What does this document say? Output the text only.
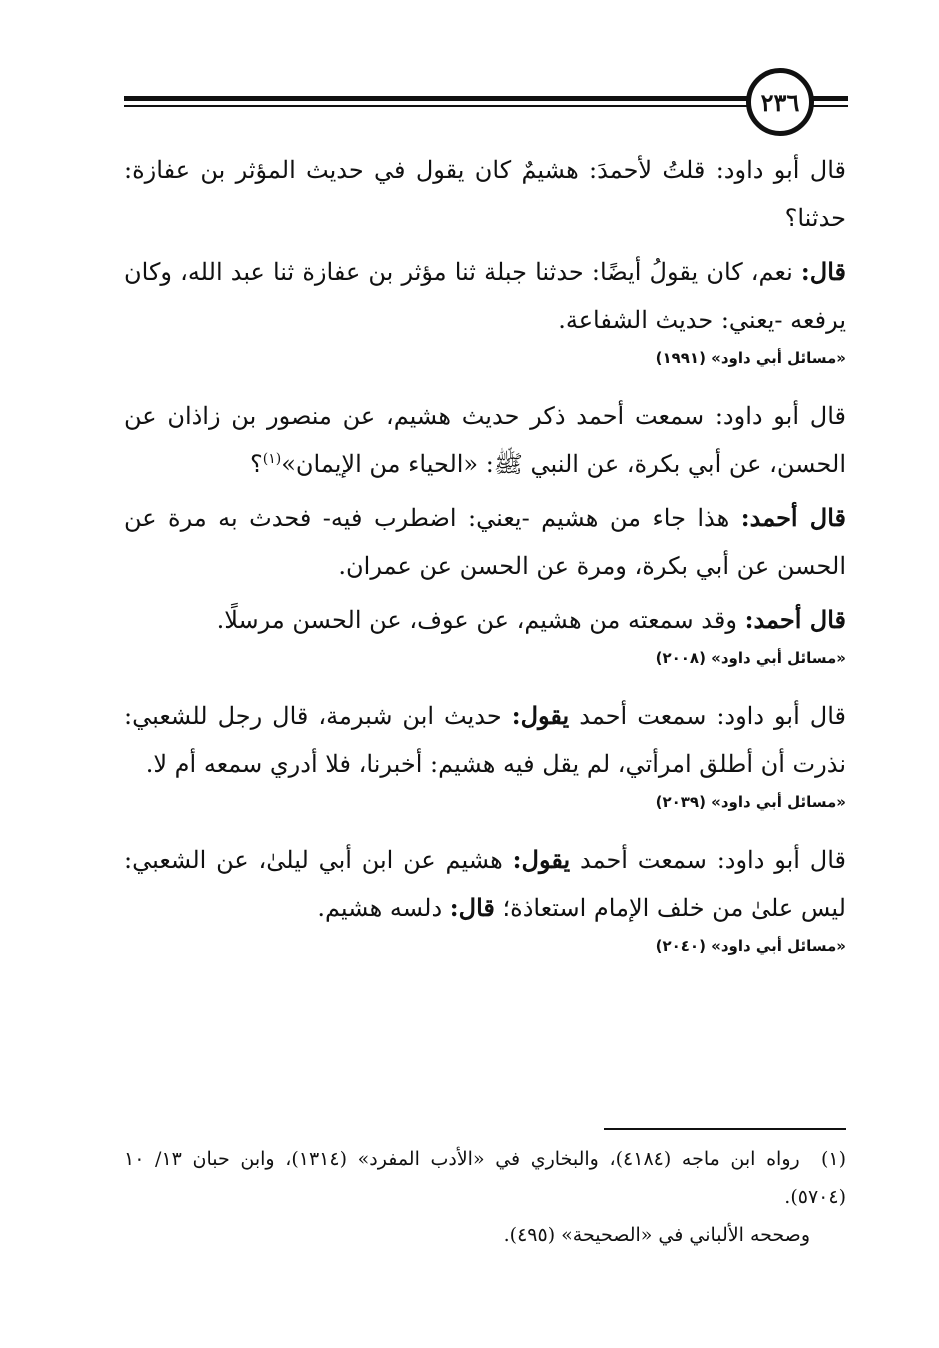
٢٣٦

قال أبو داود: قلتُ لأحمدَ: هشيمٌ كان يقول في حديث المؤثر بن عفازة: حدثنا؟

قال: نعم، كان يقولُ أيضًا: حدثنا جبلة ثنا مؤثر بن عفازة ثنا عبد الله، وكان يرفعه -يعني: حديث الشفاعة.

«مسائل أبي داود» (١٩٩١)

قال أبو داود: سمعت أحمد ذكر حديث هشيم، عن منصور بن زاذان عن الحسن، عن أبي بكرة، عن النبي ﷺ: «الحياء من الإيمان»$^{(١)}$؟

قال أحمد: هذا جاء من هشيم -يعني: اضطرب فيه- فحدث به مرة عن الحسن عن أبي بكرة، ومرة عن الحسن عن عمران.

قال أحمد: وقد سمعته من هشيم، عن عوف، عن الحسن مرسلًا.

«مسائل أبي داود» (٢٠٠٨)

قال أبو داود: سمعت أحمد يقول: حديث ابن شبرمة، قال رجل للشعبي: نذرت أن أطلق امرأتي، لم يقل فيه هشيم: أخبرنا، فلا أدري سمعه أم لا.

«مسائل أبي داود» (٢٠٣٩)

قال أبو داود: سمعت أحمد يقول: هشيم عن ابن أبي ليلىٰ، عن الشعبي: ليس علىٰ من خلف الإمام استعاذة؛ قال: دلسه هشيم.

«مسائل أبي داود» (٢٠٤٠)

(١)  رواه ابن ماجه (٤١٨٤)، والبخاري في «الأدب المفرد» (١٣١٤)، وابن حبان ١٣/ ١٠ (٥٧٠٤).

وصححه الألباني في «الصحيحة» (٤٩٥).
